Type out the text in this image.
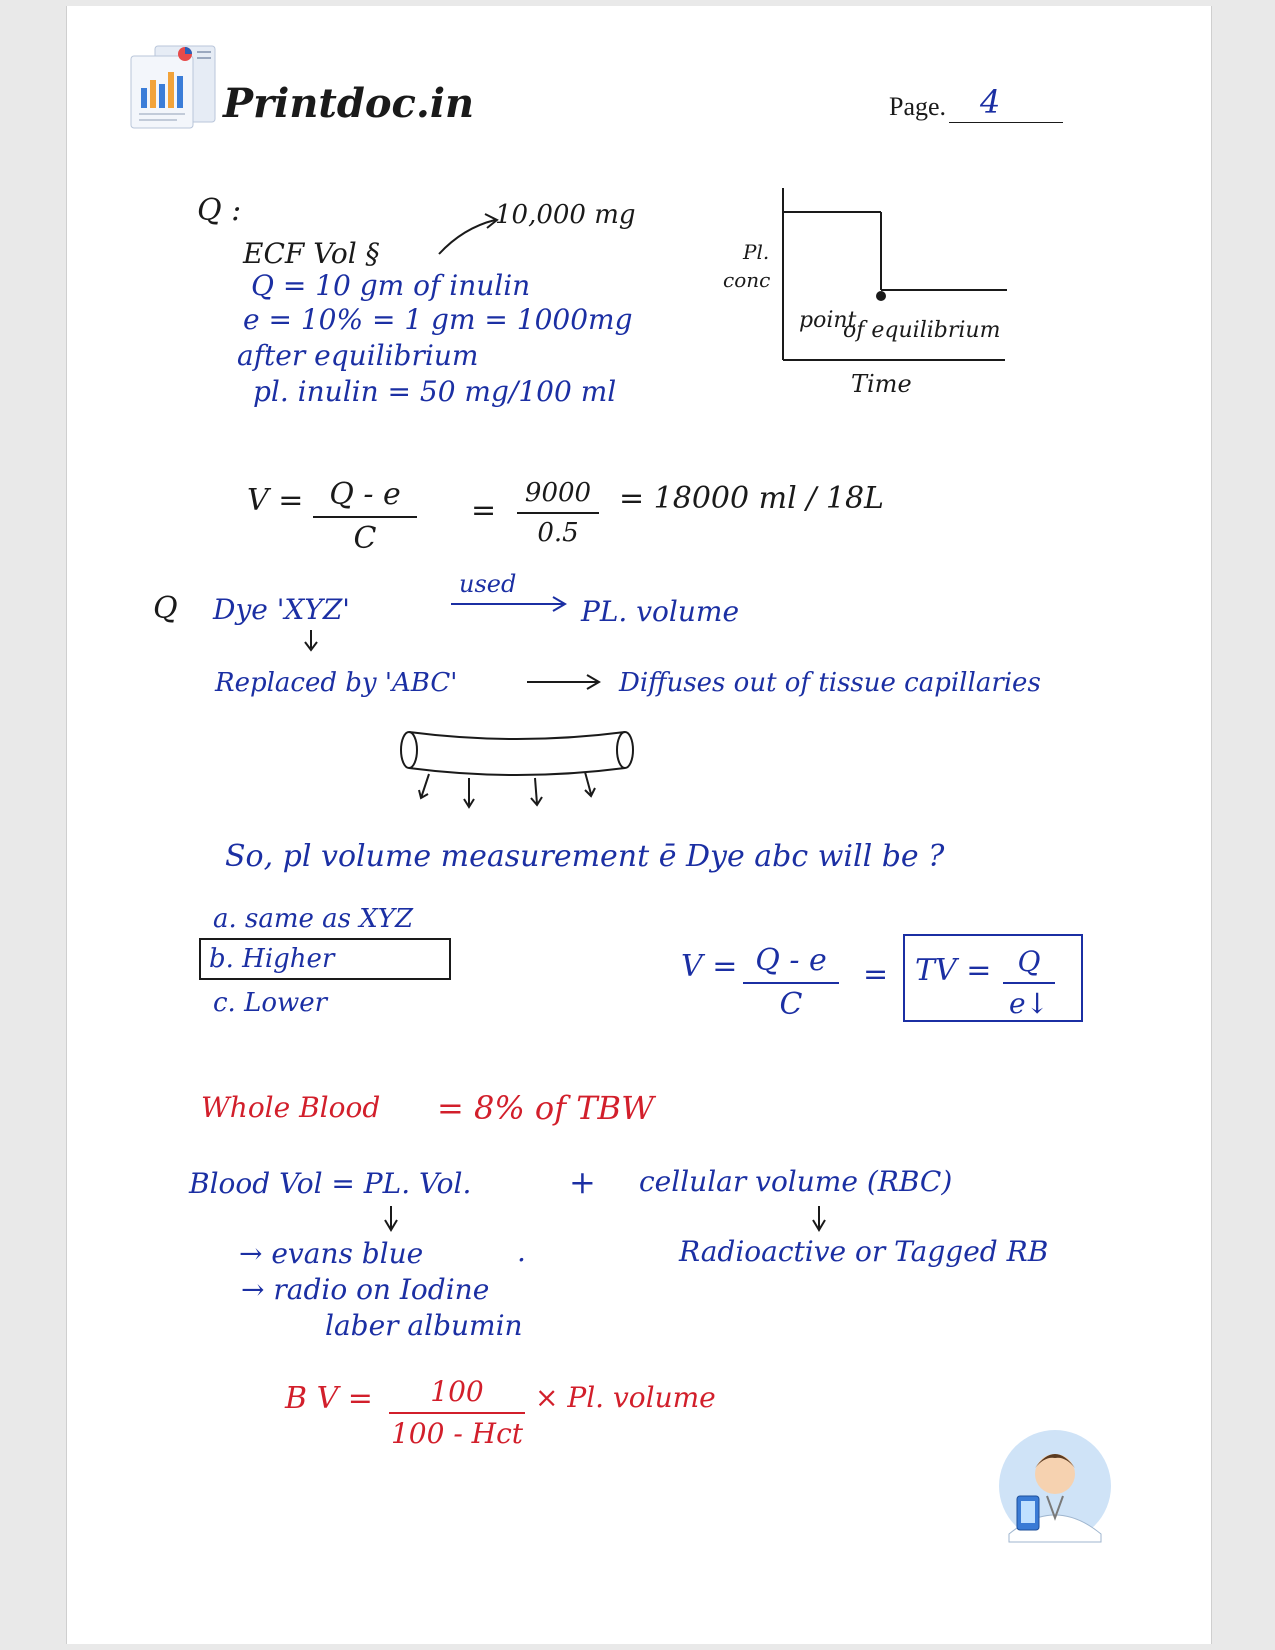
Printdoc.in	Page. 4
Q :
ECF Vol §
10,000 mg
Q = 10 gm of inulin
e = 10% = 1 gm = 1000mg
after equilibrium
pl. inulin = 50 mg/100 ml
Pl.
conc
point
of equilibrium
Time
$V = \frac{Q - e}{C} = \frac{9000}{0.5} = 18000$ ml / 18L
Q Dye 'XYZ'
used
PL. volume
Replaced by 'ABC'	Diffuses out of tissue capillaries
So, pl volume measurement ē Dye abc will be ?
a. same as XYZ
b. Higher
c. Lower
$V = \frac{Q - e}{C}$ = TV = $\frac{Q}{e↓}$
Whole Blood = 8% of TBW
Blood Vol = PL. Vol.	+ cellular volume (RBC)
→ evans blue	.
→ radio on Iodine
laber albumin
Radioactive or Tagged RB
B V =	100
100 - Hct
× Pl. volume
